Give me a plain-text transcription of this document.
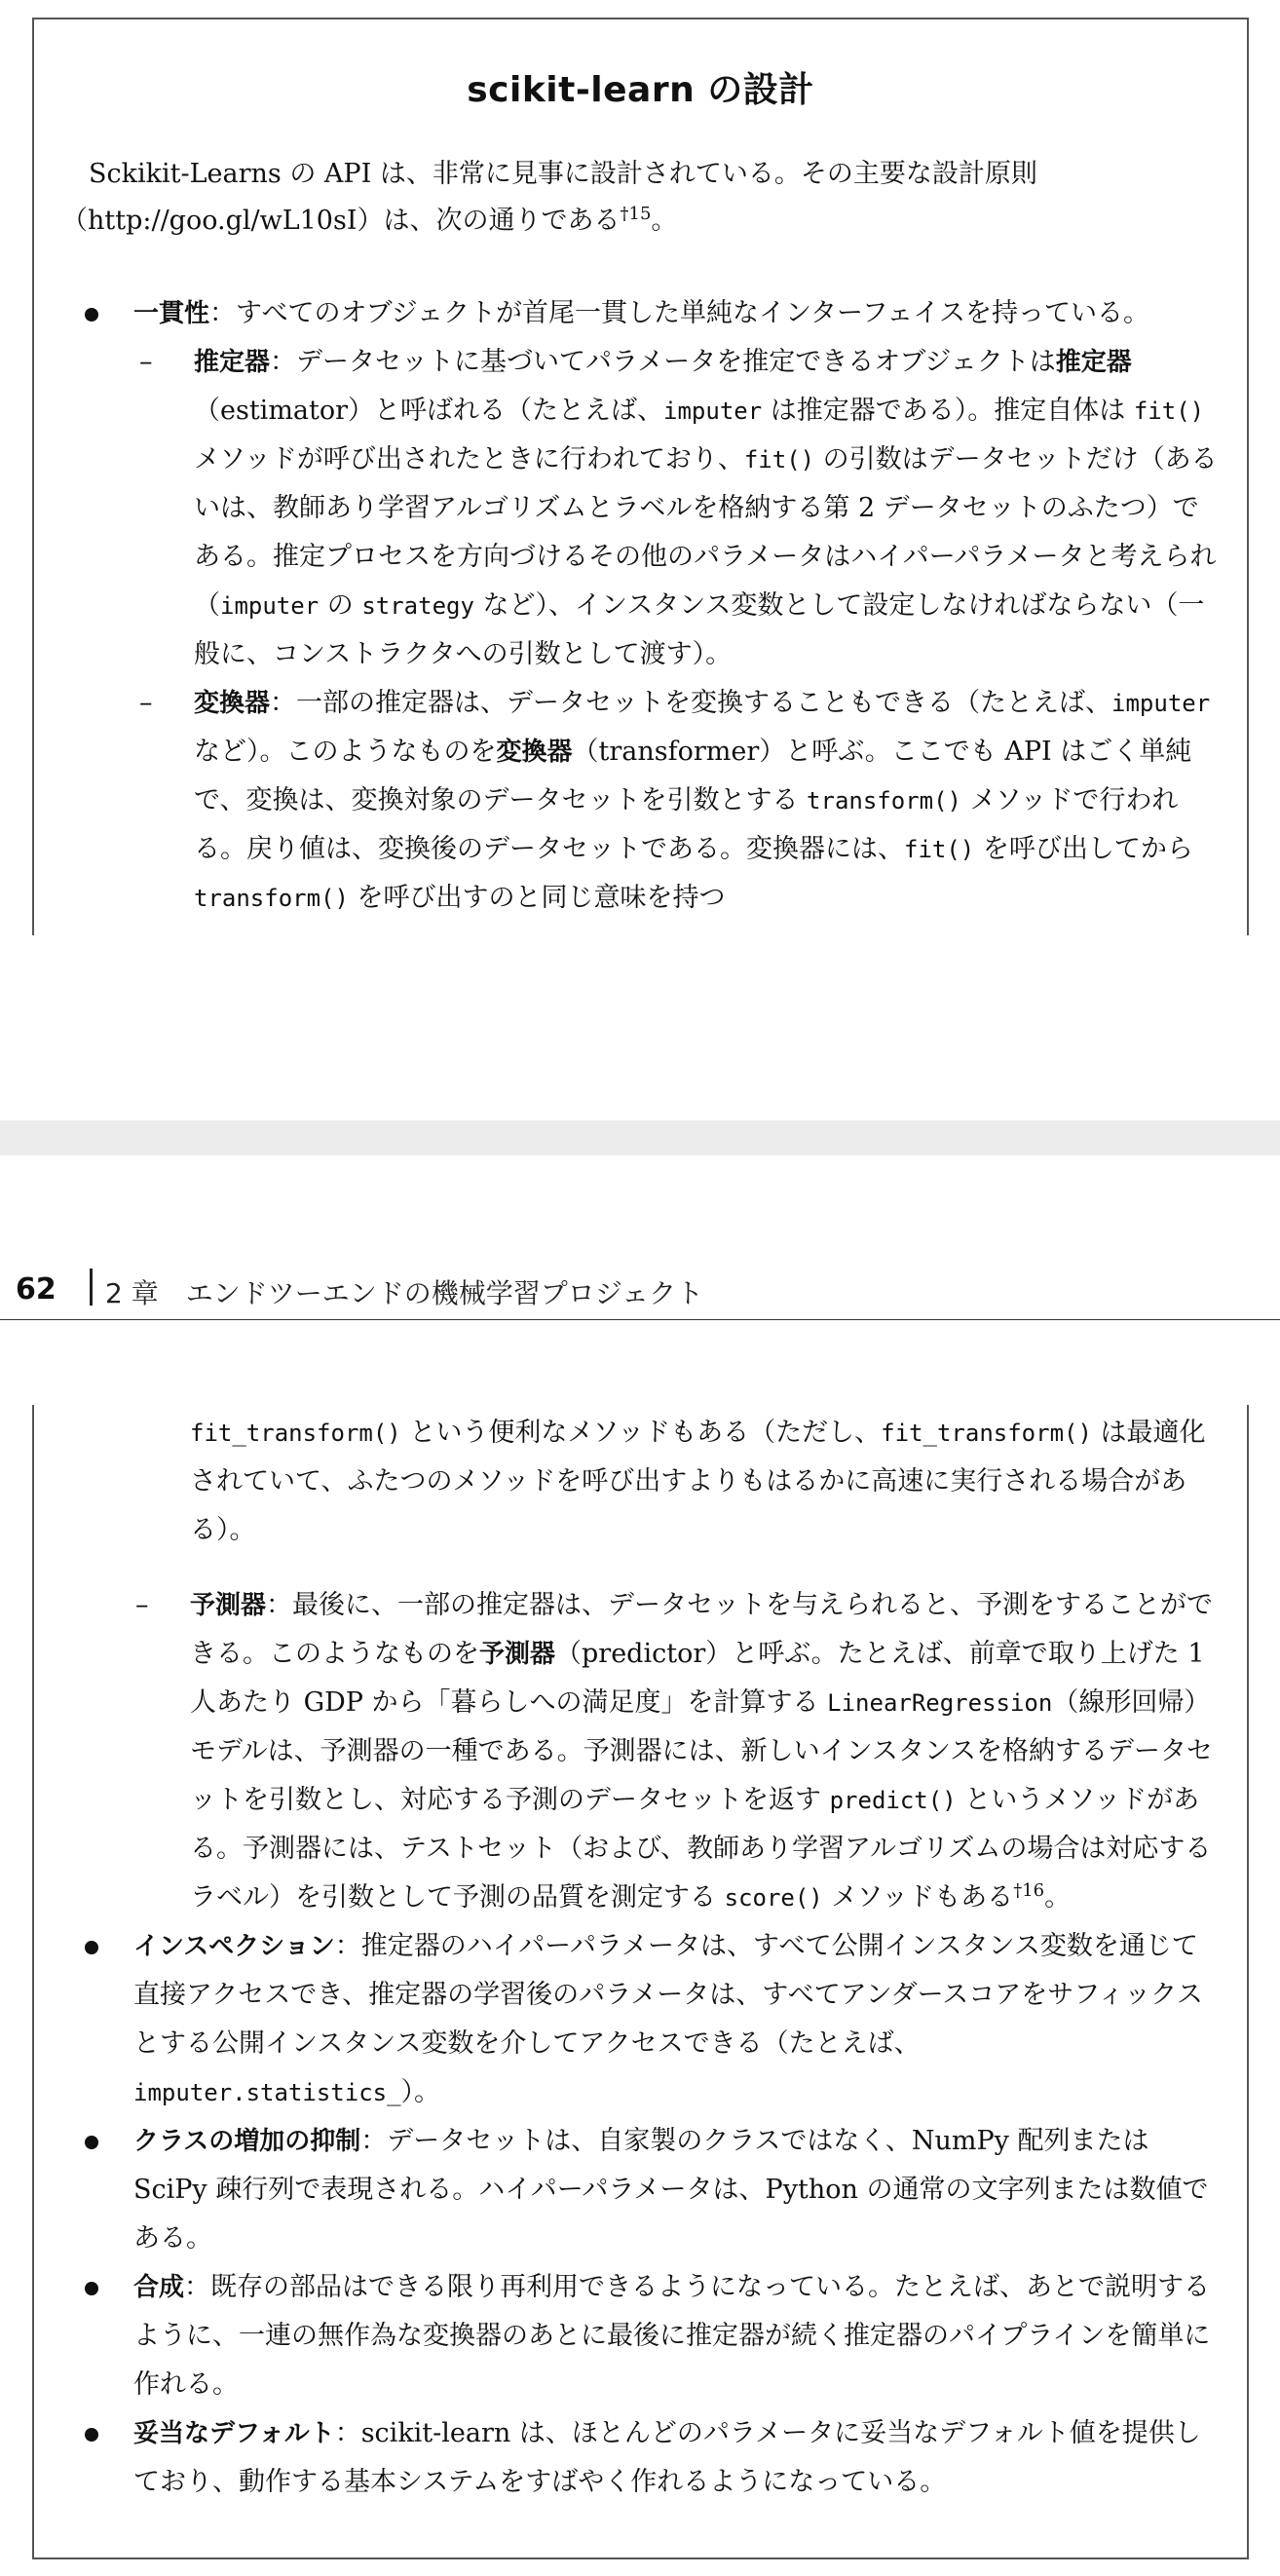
scikit-learn の設計

Sckikit-Learns の API は、非常に見事に設計されている。その主要な設計原則（http://goo.gl/wL10sI）は、次の通りである$^{\dagger 15}$。

一貫性：すべてのオブジェクトが首尾一貫した単純なインターフェイスを持っている。
– 推定器：データセットに基づいてパラメータを推定できるオブジェクトは推定器（estimator）と呼ばれる（たとえば、imputer は推定器である）。推定自体は fit() メソッドが呼び出されたときに行われており、fit() の引数はデータセットだけ（あるいは、教師あり学習アルゴリズムとラベルを格納する第 2 データセットのふたつ）である。推定プロセスを方向づけるその他のパラメータはハイパーパラメータと考えられ（imputer の strategy など）、インスタンス変数として設定しなければならない（一般に、コンストラクタへの引数として渡す）。
– 変換器：一部の推定器は、データセットを変換することもできる（たとえば、imputer など）。このようなものを変換器（transformer）と呼ぶ。ここでも API はごく単純で、変換は、変換対象のデータセットを引数とする transform() メソッドで行われる。戻り値は、変換後のデータセットである。変換器には、fit() を呼び出してから transform() を呼び出すのと同じ意味を持つ
62 2 章　エンドツーエンドの機械学習プロジェクト

fit_transform() という便利なメソッドもある（ただし、fit_transform() は最適化されていて、ふたつのメソッドを呼び出すよりもはるかに高速に実行される場合がある）。

– 予測器：最後に、一部の推定器は、データセットを与えられると、予測をすることができる。このようなものを予測器（predictor）と呼ぶ。たとえば、前章で取り上げた 1 人あたり GDP から「暮らしへの満足度」を計算する LinearRegression（線形回帰）モデルは、予測器の一種である。予測器には、新しいインスタンスを格納するデータセットを引数とし、対応する予測のデータセットを返す predict() というメソッドがある。予測器には、テストセット（および、教師あり学習アルゴリズムの場合は対応するラベル）を引数として予測の品質を測定する score() メソッドもある$^{\dagger 16}$。
インスペクション：推定器のハイパーパラメータは、すべて公開インスタンス変数を通じて直接アクセスでき、推定器の学習後のパラメータは、すべてアンダースコアをサフィックスとする公開インスタンス変数を介してアクセスできる（たとえば、imputer.statistics_）。
クラスの増加の抑制：データセットは、自家製のクラスではなく、NumPy 配列または SciPy 疎行列で表現される。ハイパーパラメータは、Python の通常の文字列または数値である。
合成：既存の部品はできる限り再利用できるようになっている。たとえば、あとで説明するように、一連の無作為な変換器のあとに最後に推定器が続く推定器のパイプラインを簡単に作れる。
妥当なデフォルト：scikit-learn は、ほとんどのパラメータに妥当なデフォルト値を提供しており、動作する基本システムをすばやく作れるようになっている。
